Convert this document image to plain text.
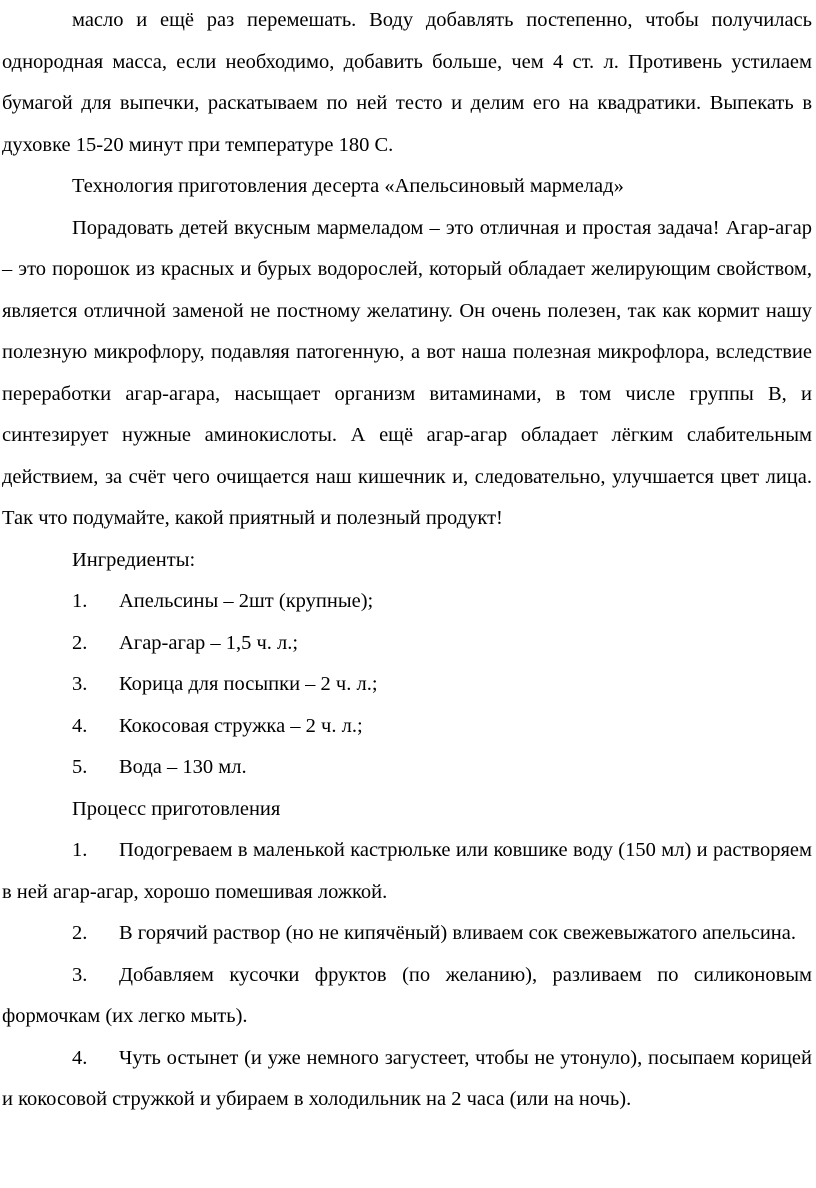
масло и ещё раз перемешать. Воду добавлять постепенно, чтобы получилась однородная масса, если необходимо, добавить больше, чем 4 ст. л. Противень устилаем бумагой для выпечки, раскатываем по ней тесто и делим его на квадратики. Выпекать в духовке 15-20 минут при температуре 180 С.

Технология приготовления десерта «Апельсиновый мармелад»

Порадовать детей вкусным мармеладом – это отличная и простая задача! Агар-агар – это порошок из красных и бурых водорослей, который обладает желирующим свойством, является отличной заменой не постному желатину. Он очень полезен, так как кормит нашу полезную микрофлору, подавляя патогенную, а вот наша полезная микрофлора, вследствие переработки агар-агара, насыщает организм витаминами, в том числе группы В, и синтезирует нужные аминокислоты. А ещё агар-агар обладает лёгким слабительным действием, за счёт чего очищается наш кишечник и, следовательно, улучшается цвет лица. Так что подумайте, какой приятный и полезный продукт!

Ингредиенты:

1. Апельсины – 2шт (крупные);
2. Агар-агар – 1,5 ч. л.;
3. Корица для посыпки – 2 ч. л.;
4. Кокосовая стружка – 2 ч. л.;
5. Вода – 130 мл.

Процесс приготовления

1. Подогреваем в маленькой кастрюльке или ковшике воду (150 мл) и растворяем в ней агар-агар, хорошо помешивая ложкой.
2. В горячий раствор (но не кипячёный) вливаем сок свежевыжатого апельсина.
3. Добавляем кусочки фруктов (по желанию), разливаем по силиконовым формочкам (их легко мыть).
4. Чуть остынет (и уже немного загустеет, чтобы не утонуло), посыпаем корицей и кокосовой стружкой и убираем в холодильник на 2 часа (или на ночь).
